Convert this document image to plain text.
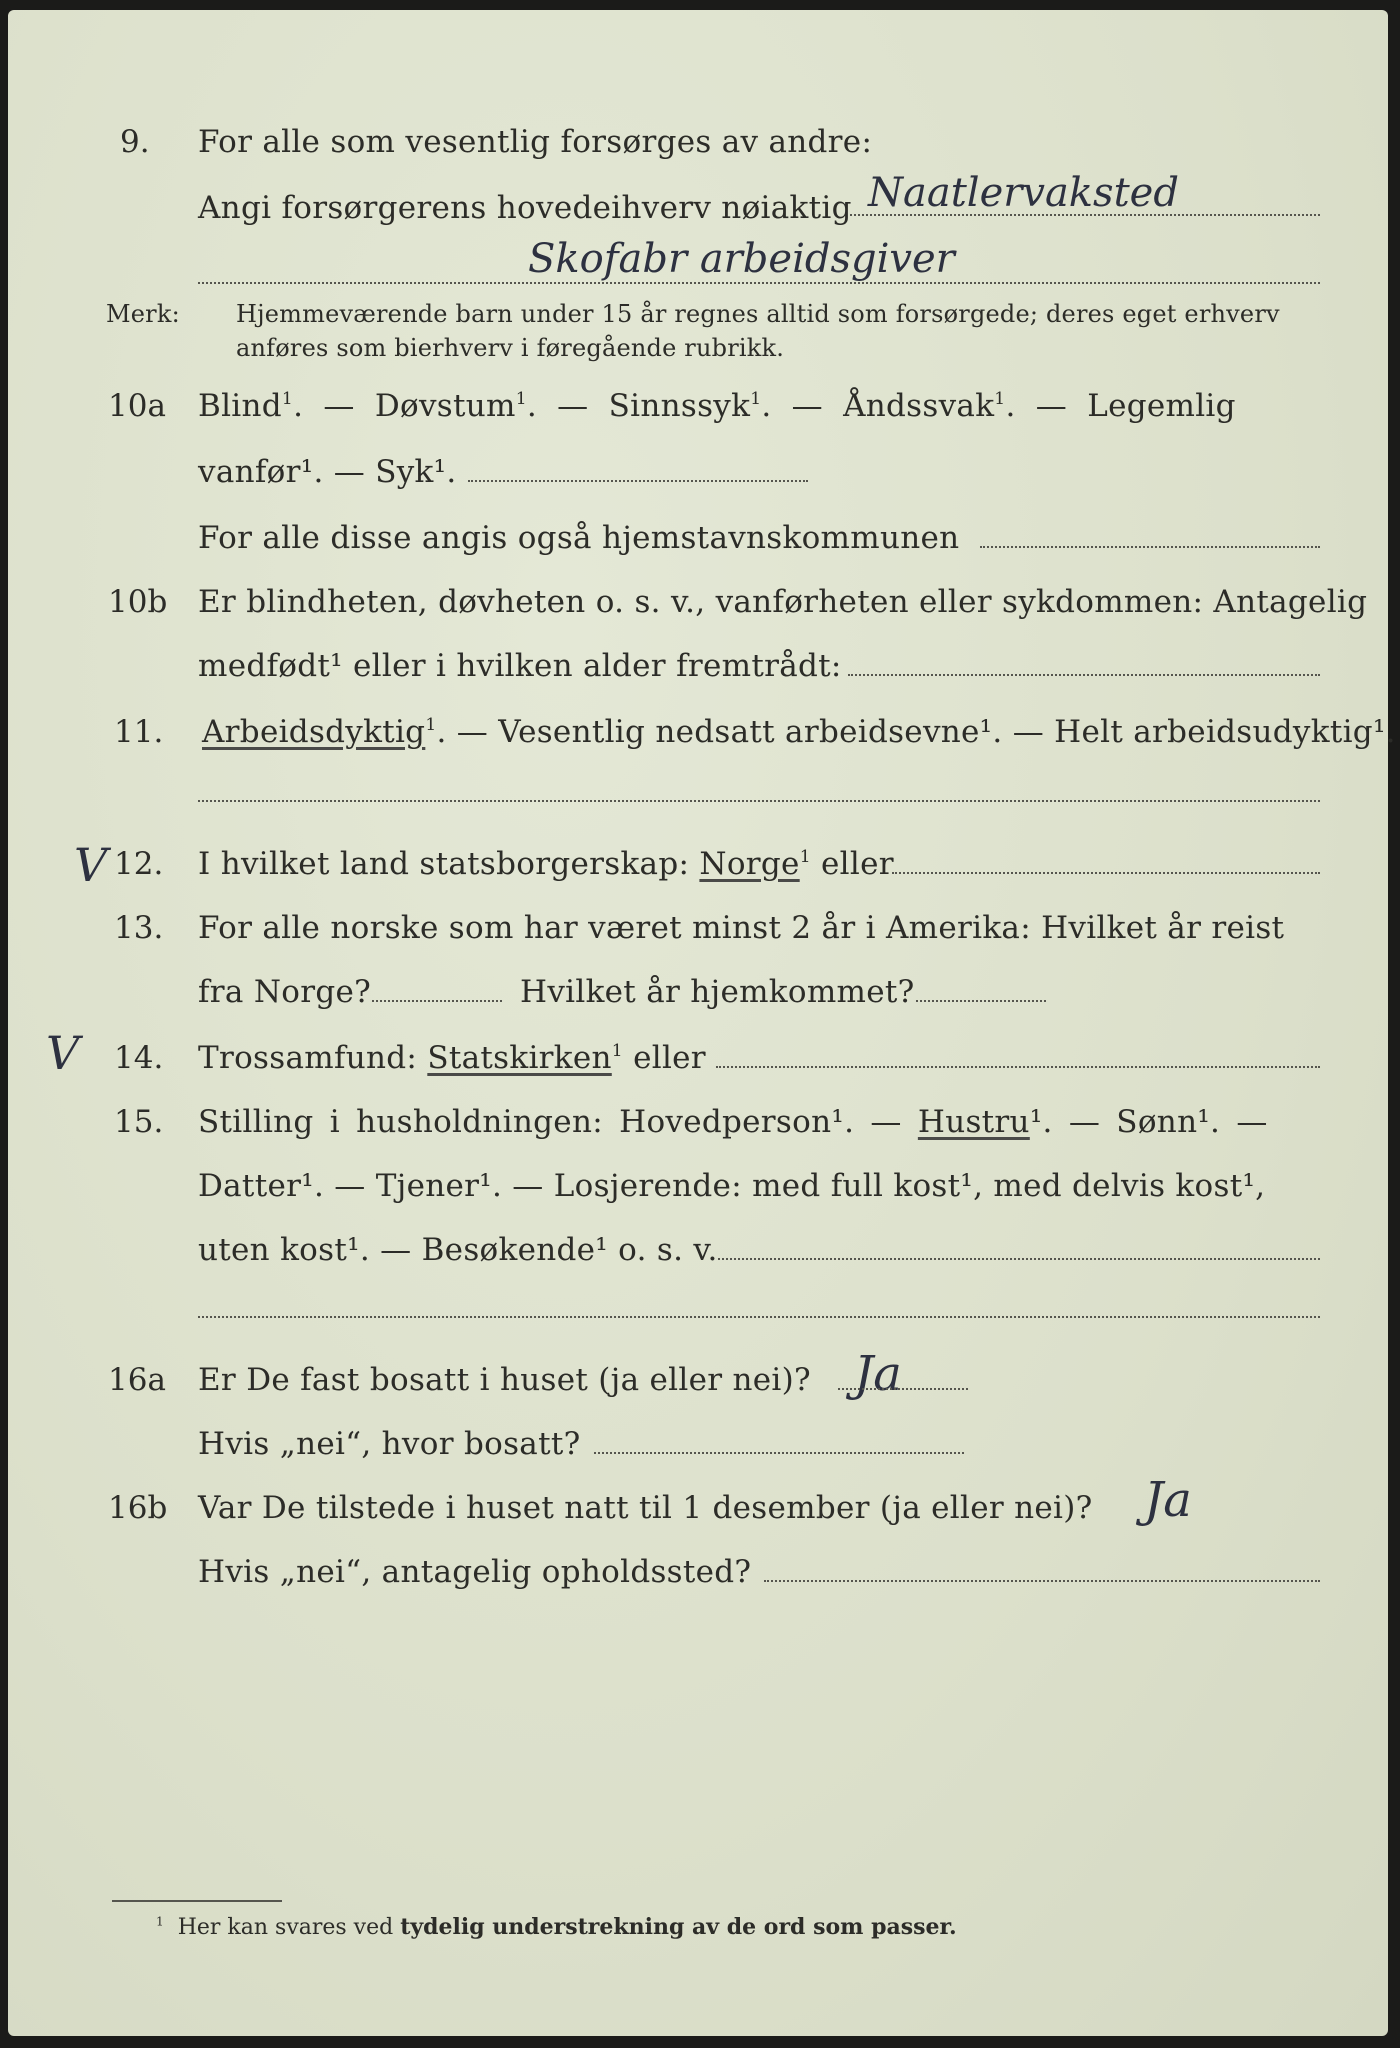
9. For alle som vesentlig forsørges av andre:
Angi forsørgerens hovedeihverv nøiaktig Naatlervaksted
Skofabr arbeidsgiver
Merk: Hjemmeværende barn under 15 år regnes alltid som forsørgede; deres eget erhverv
anføres som bierhverv i føregående rubrikk.
10a Blind$^1$. — Døvstum$^1$. — Sinnssyk$^1$. — Åndssvak$^1$. — Legemlig
vanfør¹. — Syk¹.
For alle disse angis også hjemstavnskommunen
10b Er blindheten, døvheten o. s. v., vanførheten eller sykdommen: Antagelig
medfødt¹ eller i hvilken alder fremtrådt:
11. Arbeidsdyktig$^1$. — Vesentlig nedsatt arbeidsevne¹. — Helt arbeidsudyktig¹.
V 12. I hvilket land statsborgerskap: Norge$^1$ eller
13. For alle norske som har været minst 2 år i Amerika: Hvilket år reist
fra Norge?	Hvilket år hjemkommet?
V 14. Trossamfund: Statskirken$^1$ eller
15. Stilling i husholdningen: Hovedperson¹. — Hustru¹. — Sønn¹. —
Datter¹. — Tjener¹. — Losjerende: med full kost¹, med delvis kost¹,
uten kost¹. — Besøkende¹ o. s. v.
16a Er De fast bosatt i huset (ja eller nei)? Ja
Hvis „nei“, hvor bosatt?
16b Var De tilstede i huset natt til 1 desember (ja eller nei)? Ja
Hvis „nei“, antagelig opholdssted?
$^1$ Her kan svares ved tydelig understrekning av de ord som passer.
